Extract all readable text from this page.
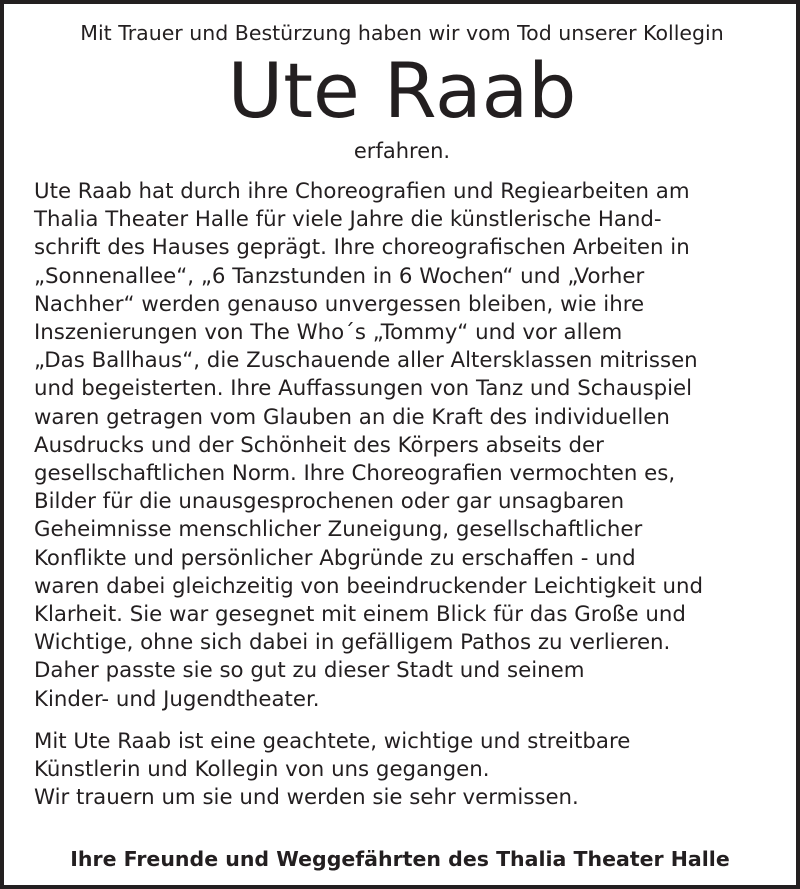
Mit Trauer und Bestürzung haben wir vom Tod unserer Kollegin

Ute Raab

erfahren.

Ute Raab hat durch ihre Choreografien und Regiearbeiten am
Thalia Theater Halle für viele Jahre die künstlerische Hand-
schrift des Hauses geprägt. Ihre choreografischen Arbeiten in
„Sonnenallee“, „6 Tanzstunden in 6 Wochen“ und „Vorher
Nachher“ werden genauso unvergessen bleiben, wie ihre
Inszenierungen von The Who´s „Tommy“ und vor allem
„Das Ballhaus“, die Zuschauende aller Altersklassen mitrissen
und begeisterten. Ihre Auffassungen von Tanz und Schauspiel
waren getragen vom Glauben an die Kraft des individuellen
Ausdrucks und der Schönheit des Körpers abseits der
gesellschaftlichen Norm. Ihre Choreografien vermochten es,
Bilder für die unausgesprochenen oder gar unsagbaren
Geheimnisse menschlicher Zuneigung, gesellschaftlicher
Konflikte und persönlicher Abgründe zu erschaffen - und
waren dabei gleichzeitig von beeindruckender Leichtigkeit und
Klarheit. Sie war gesegnet mit einem Blick für das Große und
Wichtige, ohne sich dabei in gefälligem Pathos zu verlieren.
Daher passte sie so gut zu dieser Stadt und seinem
Kinder- und Jugendtheater.
Mit Ute Raab ist eine geachtete, wichtige und streitbare
Künstlerin und Kollegin von uns gegangen.
Wir trauern um sie und werden sie sehr vermissen.

Ihre Freunde und Weggefährten des Thalia Theater Halle
